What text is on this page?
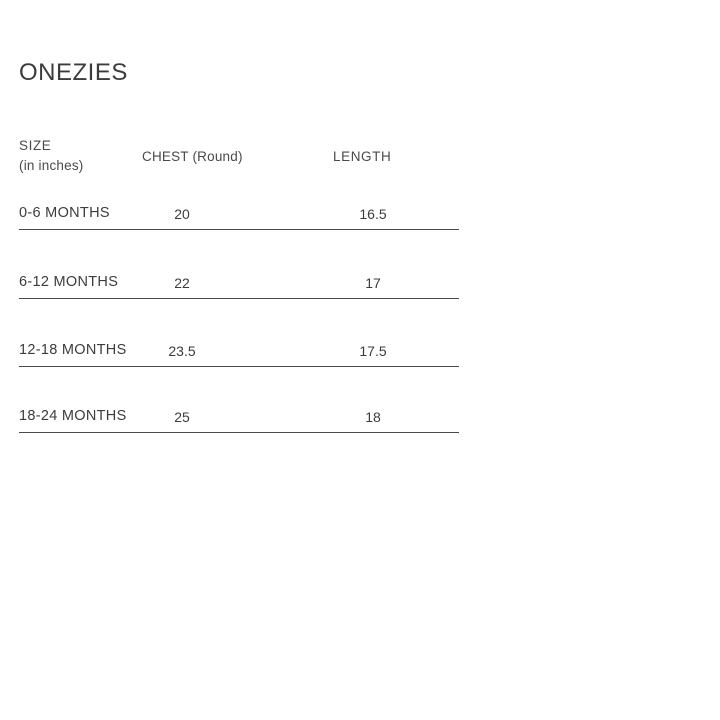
ONEZIES
SIZE
(in inches)
CHEST (Round)	LENGTH
0-6 MONTHS	20	16.5
6-12 MONTHS	22	17
12-18 MONTHS	23.5	17.5
18-24 MONTHS	25	18
